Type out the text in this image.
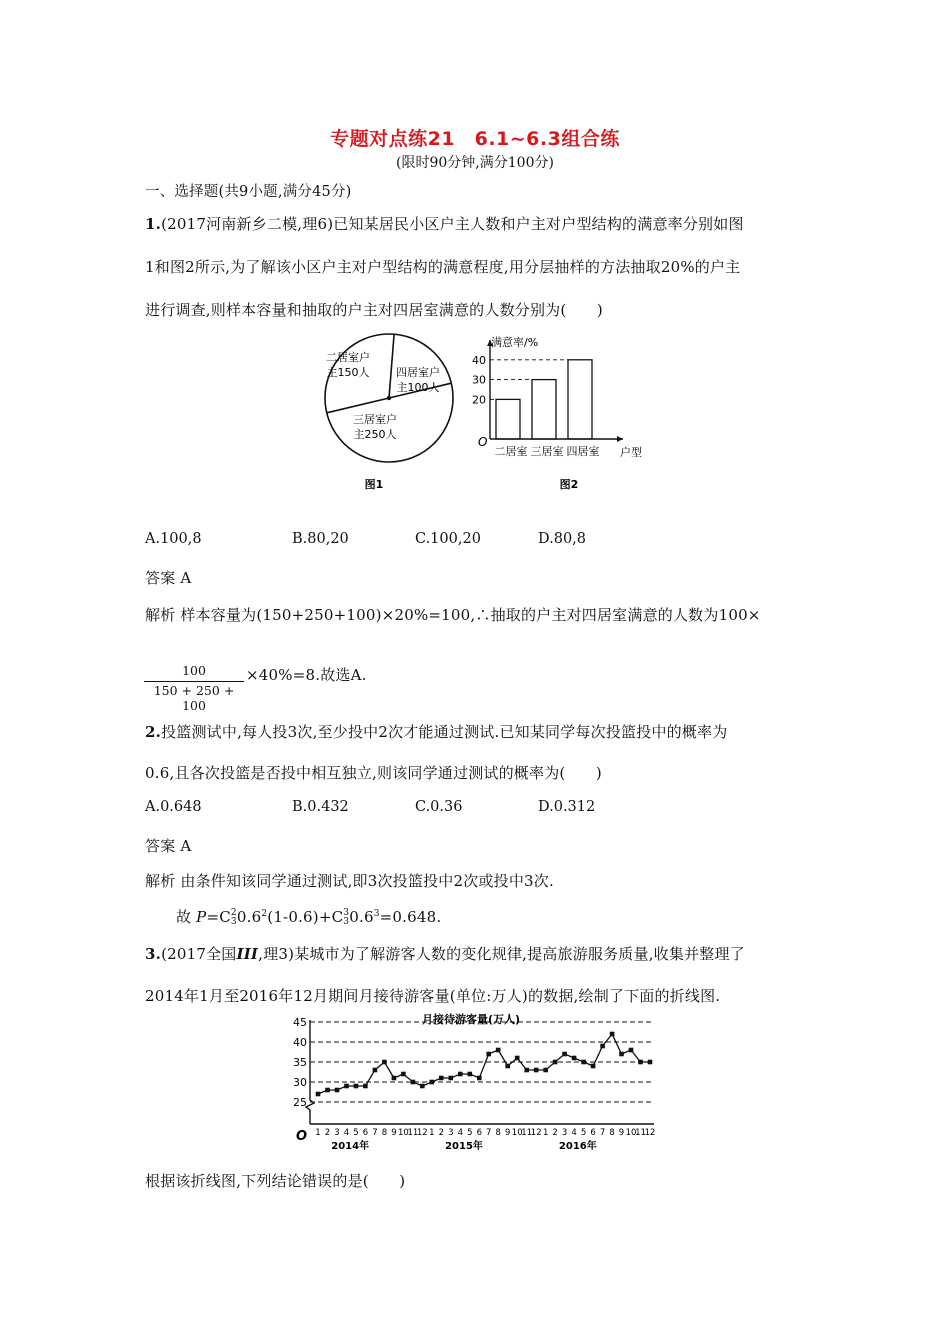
专题对点练21　6.1~6.3组合练
(限时90分钟,满分100分)
一、选择题(共9小题,满分45分)
1.(2017河南新乡二模,理6)已知某居民小区户主人数和户主对户型结构的满意率分别如图
1和图2所示,为了解该小区户主对户型结构的满意程度,用分层抽样的方法抽取20%的户主
进行调查,则样本容量和抽取的户主对四居室满意的人数分别为(　　)
二居室户
主150人 四居室户
主100人
三居室户
主250人
图1
二居室 三居室 四居室
20
30
40
O
满意率/%
户型
图2
A.100,8	B.80,20	C.100,20	D.80,8
答案 A
解析 样本容量为(150+250+100)×20%=100,∴抽取的户主对四居室满意的人数为100×
100
150 + 250 + 100
×40%=8.故选A.
2.投篮测试中,每人投3次,至少投中2次才能通过测试.已知某同学每次投篮投中的概率为
0.6,且各次投篮是否投中相互独立,则该同学通过测试的概率为(　　)
A.0.648	B.0.432	C.0.36	D.0.312
答案 A
解析 由条件知该同学通过测试,即3次投篮投中2次或投中3次.
故 P=C 2
3 $0.6^2(1-0.6)+C$ 3
3 $0.6^3=0.648$.
3.(2017全国III,理3)某城市为了解游客人数的变化规律,提高旅游服务质量,收集并整理了
2014年1月至2016年12月期间月接待游客量(单位:万人)的数据,绘制了下面的折线图.
25
30
35
40
45
1 2 3 4 5 6 7 8 9 10
11
12 1 2 3 4 5 6 7 8 9 10
11
12 1 2 3 4 5 6 7 8 9 10
11
12
2014年	2015年	2016年
月接待游客量(万人)
O
根据该折线图,下列结论错误的是(　　)
